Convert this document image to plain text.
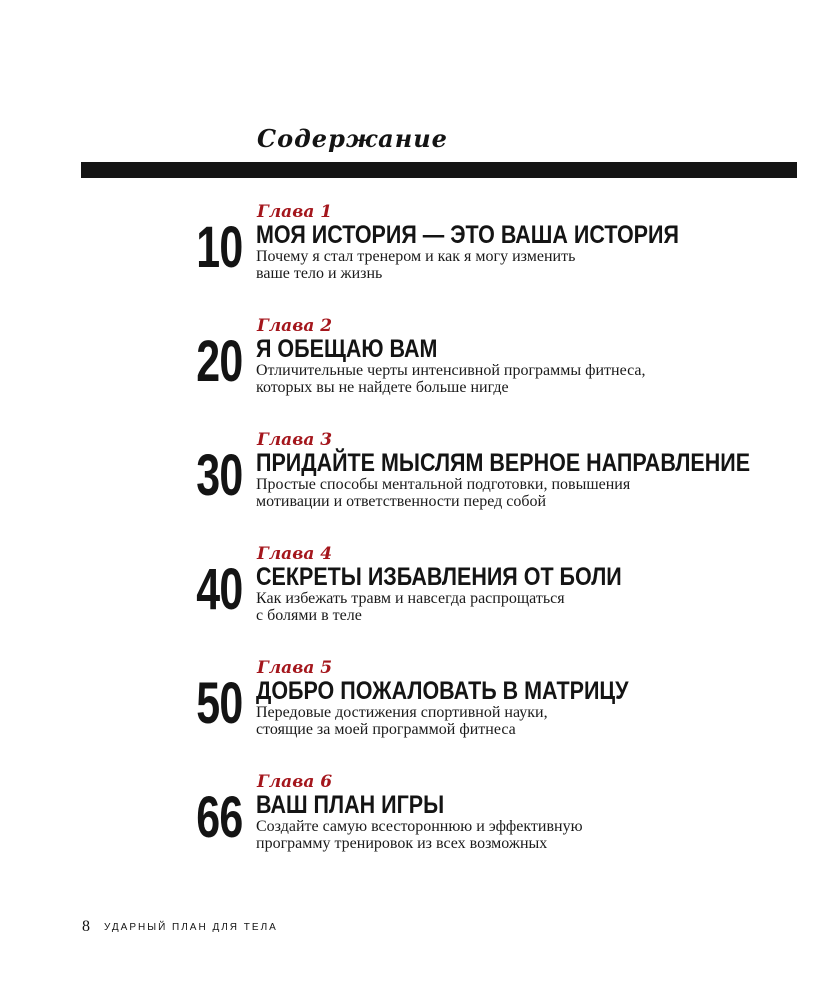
Содержание
Глава 1
10 МОЯ ИСТОРИЯ — ЭТО ВАША ИСТОРИЯ
Почему я стал тренером и как я могу изменить
ваше тело и жизнь
Глава 2
20 Я ОБЕЩАЮ ВАМ
Отличительные черты интенсивной программы фитнеса,
которых вы не найдете больше нигде
Глава 3
30 ПРИДАЙТЕ МЫСЛЯМ ВЕРНОЕ НАПРАВЛЕНИЕ
Простые способы ментальной подготовки, повышения
мотивации и ответственности перед собой
Глава 4
40 СЕКРЕТЫ ИЗБАВЛЕНИЯ ОТ БОЛИ
Как избежать травм и навсегда распрощаться
с болями в теле
Глава 5
50 ДОБРО ПОЖАЛОВАТЬ В МАТРИЦУ
Передовые достижения спортивной науки,
стоящие за моей программой фитнеса
Глава 6
66 ВАШ ПЛАН ИГРЫ
Создайте самую всестороннюю и эффективную
программу тренировок из всех возможных
8 УДАРНЫЙ ПЛАН ДЛЯ ТЕЛА
